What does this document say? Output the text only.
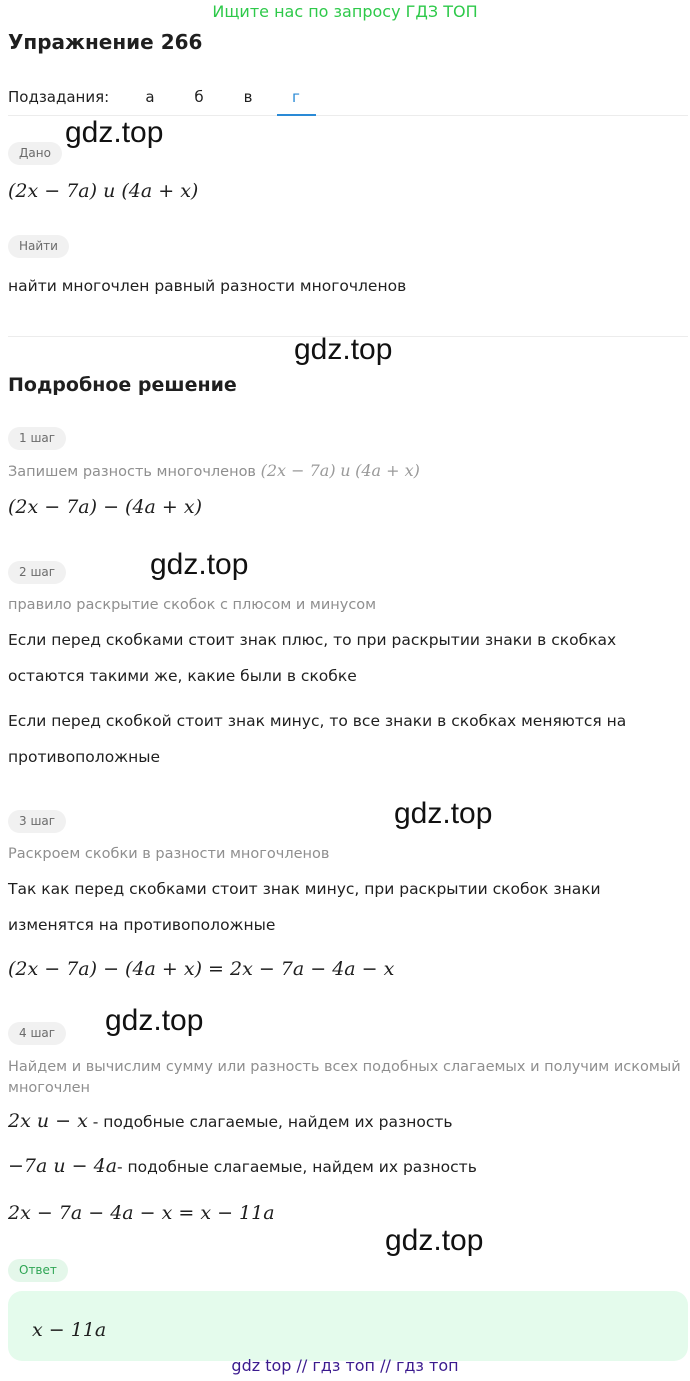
Ищите нас по запросу ГДЗ ТОП
Упражнение 266
Подзадания:	а	б	в	г
Дано
(2x − 7a) и (4a + x)
Найти
найти многочлен равный разности многочленов
Подробное решение
1 шаг
Запишем разность многочленов (2x − 7a) и (4a + x)
(2x − 7a) − (4a + x)
2 шаг
правило раскрытие скобок с плюсом и минусом
Если перед скобками стоит знак плюс, то при раскрытии знаки в скобках
остаются такими же, какие были в скобке
Если перед скобкой стоит знак минус, то все знаки в скобках меняются на
противоположные
3 шаг
Раскроем скобки в разности многочленов
Так как перед скобками стоит знак минус, при раскрытии скобок знаки
изменятся на противоположные
(2x − 7a) − (4a + x) = 2x − 7a − 4a − x
4 шаг
Найдем и вычислим сумму или разность всех подобных слагаемых и получим искомый
многочлен
2x и − x - подобные слагаемые, найдем их разность
−7a и − 4a- подобные слагаемые, найдем их разность
2x − 7a − 4a − x = x − 11a
Ответ
x − 11a
gdz.top
gdz.top
gdz.top
gdz.top
gdz.top
gdz.top
gdz top // гдз топ // гдз топ
